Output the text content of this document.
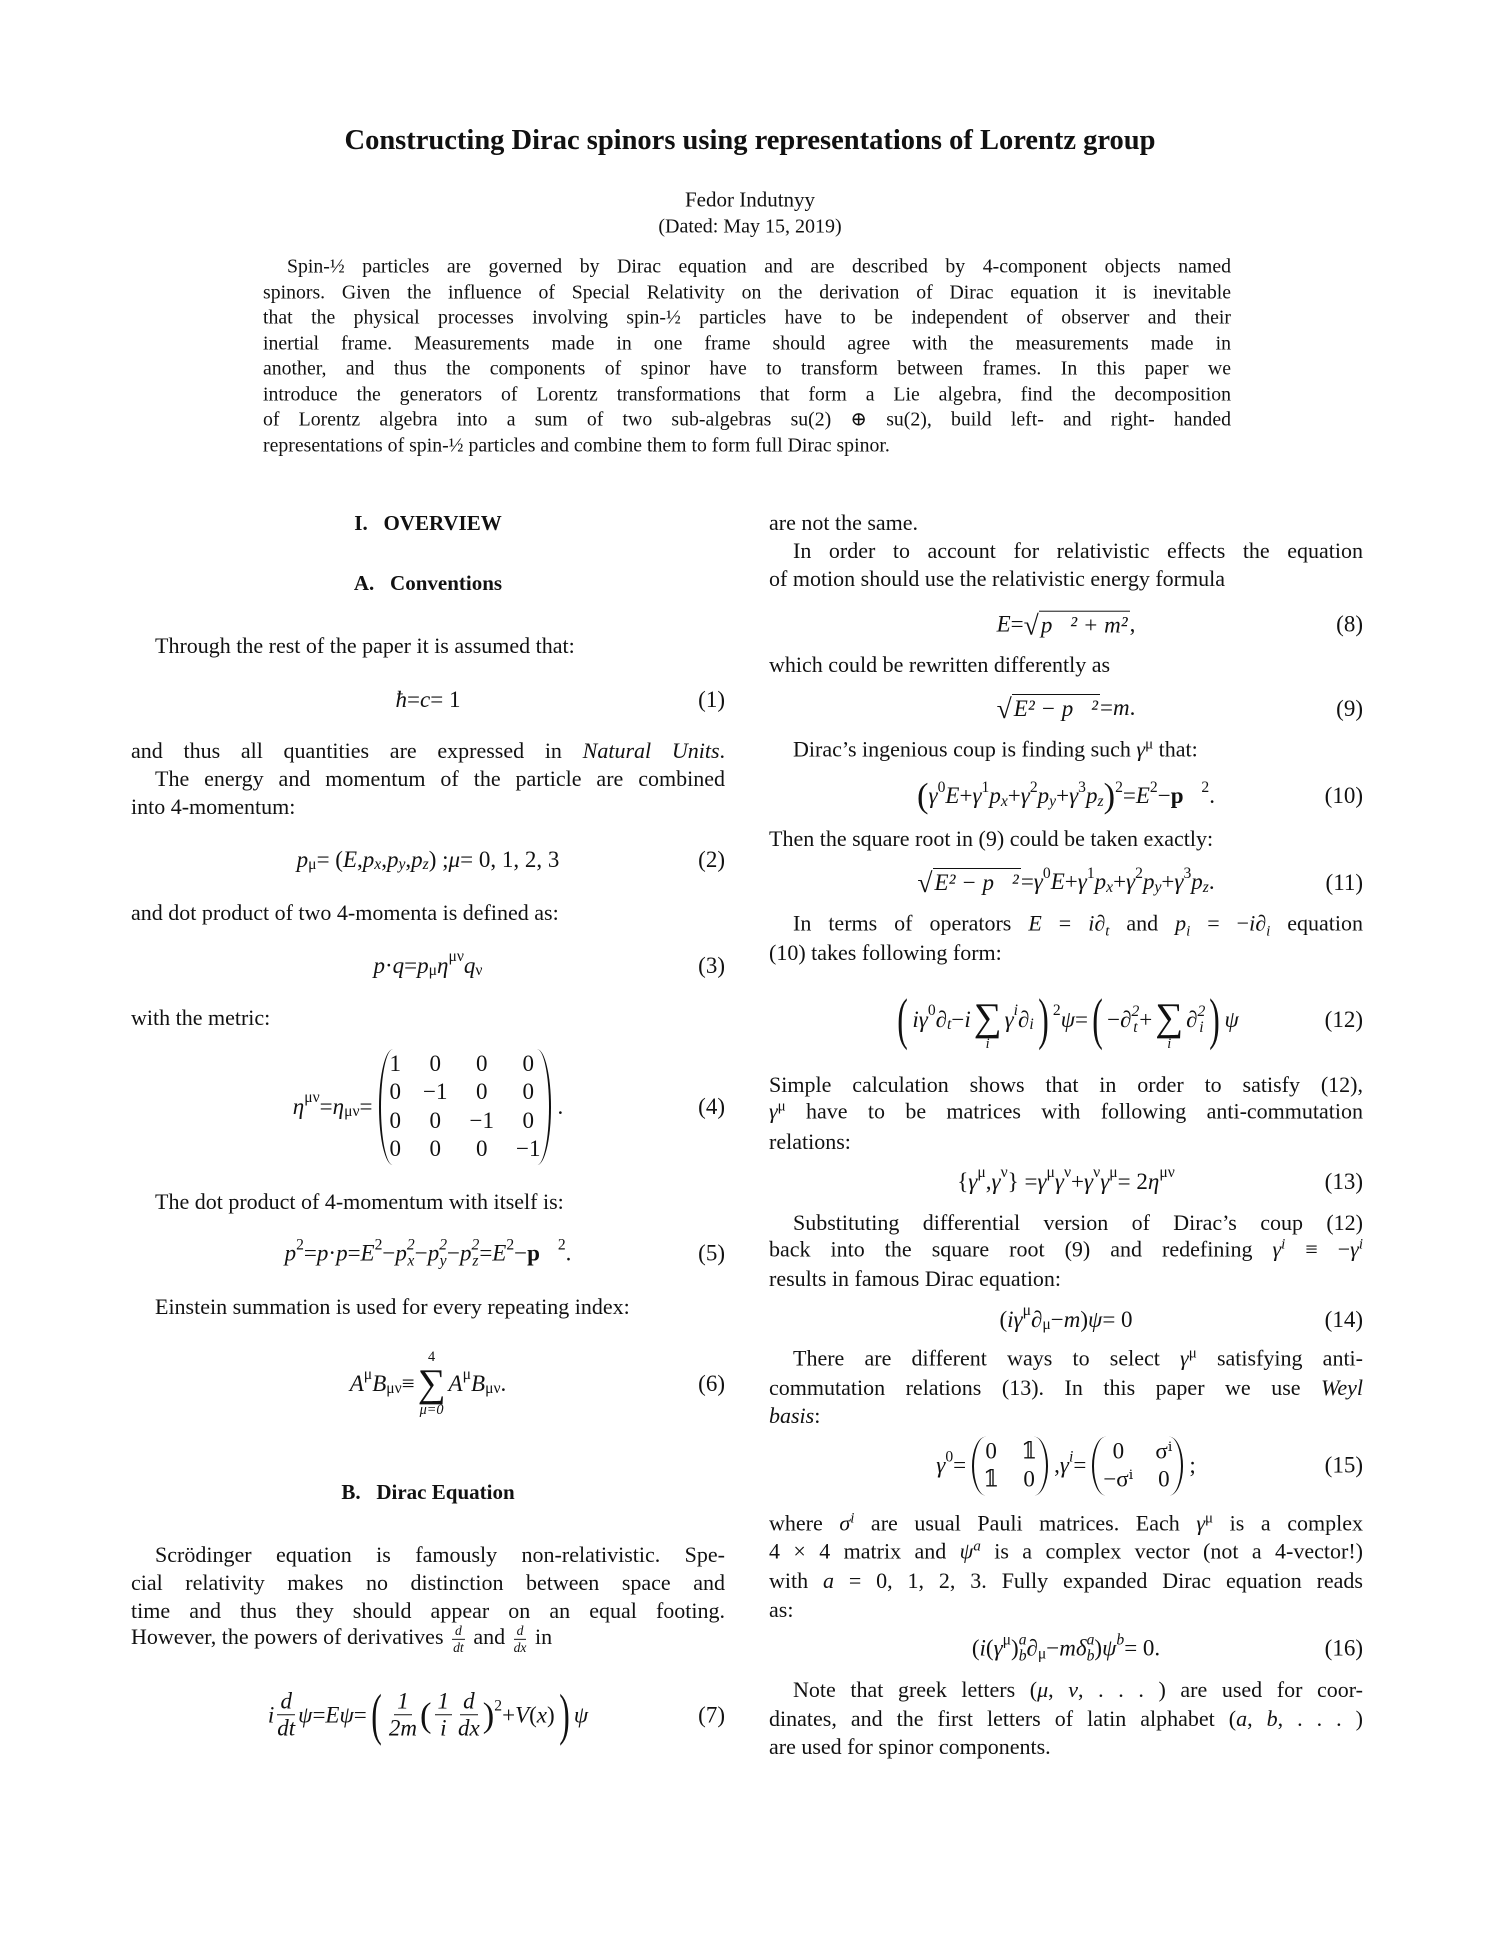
Constructing Dirac spinors using representations of Lorentz group
Fedor Indutnyy
(Dated: May 15, 2019)
I.   OVERVIEW
A.   Conventions
B.   Dirac Equation
Spin-½ particles are governed by Dirac equation and are described by 4-component objects named
spinors. Given the influence of Special Relativity on the derivation of Dirac equation it is inevitable
that the physical processes involving spin-½ particles have to be independent of observer and their
inertial frame. Measurements made in one frame should agree with the measurements made in
another, and thus the components of spinor have to transform between frames. In this paper we
introduce the generators of Lorentz transformations that form a Lie algebra, find the decomposition
of Lorentz algebra into a sum of two sub-algebras su(2) ⊕ su(2), build left- and right- handed
representations of spin-½ particles and combine them to form full Dirac spinor.
Through the rest of the paper it is assumed that:
and thus all quantities are expressed in Natural Units.
The energy and momentum of the particle are combined
into 4-momentum:
and dot product of two 4-momenta is defined as:
with the metric:
The dot product of 4-momentum with itself is:
Einstein summation is used for every repeating index:
Scrödinger equation is famously non-relativistic. Spe-
cial relativity makes no distinction between space and
time and thus they should appear on an equal footing.
However, the powers of derivatives $\frac{d}{dt}$ and $\frac{d}{dx}$ in
are not the same.
In order to account for relativistic effects the equation
of motion should use the relativistic energy formula
which could be rewritten differently as
Dirac’s ingenious coup is finding such $\gamma^\mu$ that:
Then the square root in (9) could be taken exactly:
In terms of operators $E = i\partial_t$ and $p_i = -i\partial_i$ equation
(10) takes following form:
Simple calculation shows that in order to satisfy (12),
$\gamma^\mu$ have to be matrices with following anti-commutation
relations:
Substituting differential version of Dirac’s coup (12)
back into the square root (9) and redefining $\gamma^i \equiv -\gamma^i$
results in famous Dirac equation:
There are different ways to select $\gamma^\mu$ satisfying anti-
commutation relations (13). In this paper we use Weyl
basis:
where $\sigma^i$ are usual Pauli matrices. Each $\gamma^\mu$ is a complex
4 × 4 matrix and $\psi^a$ is a complex vector (not a 4-vector!)
with a = 0, 1, 2, 3. Fully expanded Dirac equation reads
as:
Note that greek letters (μ, ν, . . . ) are used for coor-
dinates, and the first letters of latin alphabet (a, b, . . . )
are used for spinor components.
ħ = c = 1	(1)
p μ = ( E , p x , p y , p z ) ; μ = 0, 1, 2, 3	(2)
p · q = p μ η μν q ν	(3)
η μν = η μν =
1 0 0 0
0 −1 0 0
0 0 −1 0
0 0 0 −1
.	(4)
p 2 = p · p = E 2 − p 2
x − p 2
y − p 2
z = E 2 − p⃗ 2 .	(5)
A μ B μν ≡
4
∑
μ=0
A μ B μν .	(6)
i $\frac{d}{dt}$ ψ = E ψ = ( $\frac{1}{2m}$ ( $\frac{1}{i} \frac{d}{dx}$ ) 2 + V ( x ) ) ψ	(7)
E = √ p⃗² + m² ,	(8)
√ E² − p⃗² = m .	(9)
( γ 0 E + γ 1 p x + γ 2 p y + γ 3 p z ) 2 = E 2 − p⃗ 2 .	(10)
√ E² − p⃗² = γ 0 E + γ 1 p x + γ 2 p y + γ 3 p z .	(11)
( i γ 0 ∂ t − i ∑
i
γ i ∂ i ) 2 ψ = ( −∂ 2
t + ∑
i
∂ 2
i ) ψ	(12)
{ γ μ , γ ν } = γ μ γ ν + γ ν γ μ = 2 η μν	(13)
( i γ μ ∂ μ − m ) ψ = 0	(14)
γ 0 =
0 𝟙
𝟙 0
, γ i =
0	σⁱ
−σⁱ 0
;	(15)
( i ( γ μ ) a
b ∂ μ − m δ a
b ) ψ b = 0.	(16)
